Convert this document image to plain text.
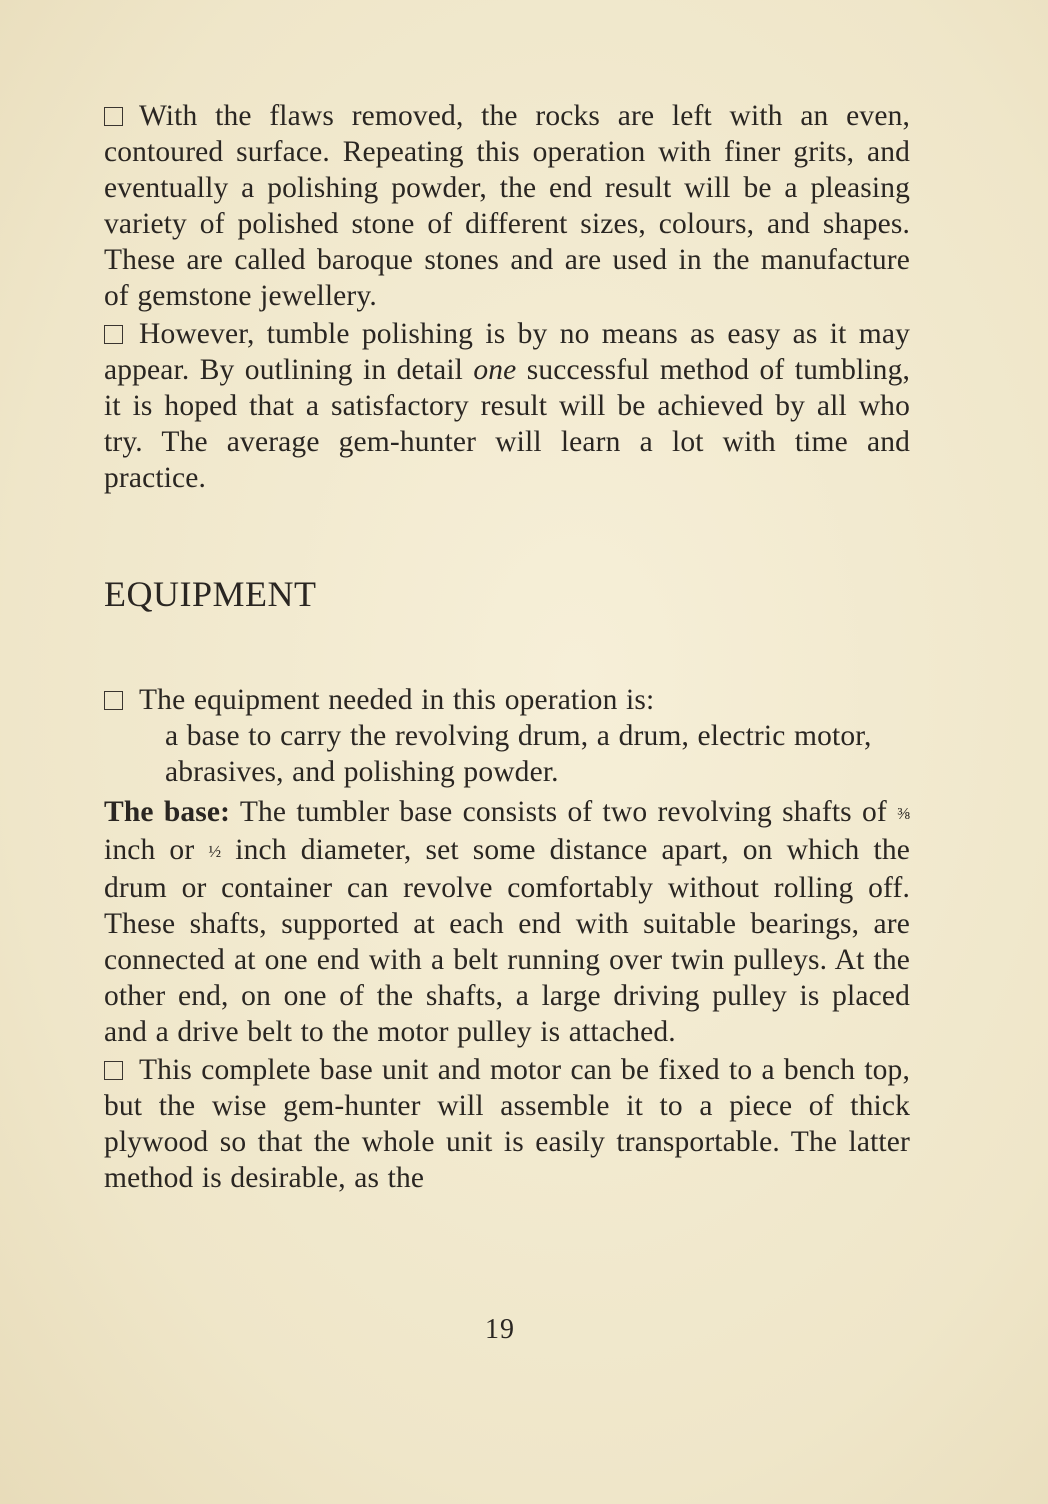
With the flaws removed, the rocks are left with an even, contoured surface. Repeating this operation with finer grits, and eventually a polishing powder, the end result will be a pleasing variety of polished stone of different sizes, colours, and shapes. These are called baroque stones and are used in the manufacture of gemstone jewellery.

However, tumble polishing is by no means as easy as it may appear. By outlining in detail one successful method of tumbling, it is hoped that a satisfactory result will be achieved by all who try. The average gem-hunter will learn a lot with time and practice.

EQUIPMENT

The equipment needed in this operation is:

a base to carry the revolving drum, a drum, electric motor, abrasives, and polishing powder.

The base: The tumbler base consists of two revolving shafts of ⅜ inch or ½ inch diameter, set some distance apart, on which the drum or container can revolve comfortably without rolling off. These shafts, supported at each end with suitable bearings, are connected at one end with a belt running over twin pulleys. At the other end, on one of the shafts, a large driving pulley is placed and a drive belt to the motor pulley is attached.

This complete base unit and motor can be fixed to a bench top, but the wise gem-hunter will assemble it to a piece of thick plywood so that the whole unit is easily transportable. The latter method is desirable, as the

19
